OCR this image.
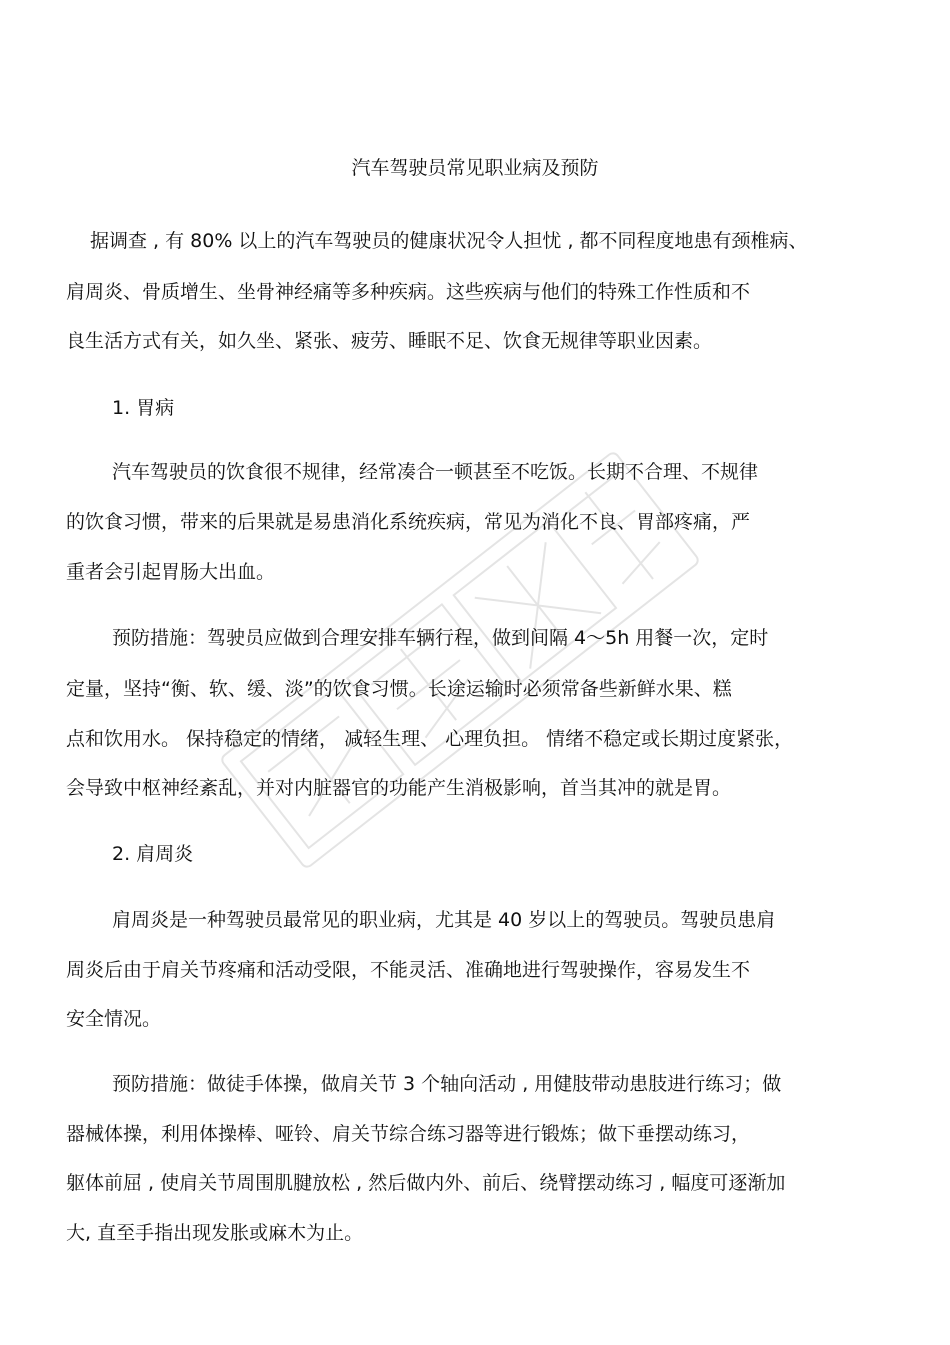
汽车驾驶员常见职业病及预防
据调查 , 有 80% 以上的汽车驾驶员的健康状况令人担忧 , 都不同程度地患有颈椎病、
肩周炎、骨质增生、坐骨神经痛等多种疾病。这些疾病与他们的特殊工作性质和不
良生活方式有关，如久坐、紧张、疲劳、睡眠不足、饮食无规律等职业因素。
1. 胃病
汽车驾驶员的饮食很不规律，经常凑合一顿甚至不吃饭。长期不合理、不规律
的饮食习惯，带来的后果就是易患消化系统疾病，常见为消化不良、胃部疼痛，严
重者会引起胃肠大出血。
预防措施：驾驶员应做到合理安排车辆行程，做到间隔 4～5h 用餐一次，定时
定量，坚持“衡、软、缓、淡”的饮食习惯。长途运输时必须常备些新鲜水果、糕
点和饮用水。 保持稳定的情绪， 减轻生理、 心理负担。 情绪不稳定或长期过度紧张，
会导致中枢神经紊乱，并对内脏器官的功能产生消极影响，首当其冲的就是胃。
2. 肩周炎
肩周炎是一种驾驶员最常见的职业病，尤其是 40 岁以上的驾驶员。驾驶员患肩
周炎后由于肩关节疼痛和活动受限，不能灵活、准确地进行驾驶操作，容易发生不
安全情况。
预防措施：做徒手体操，做肩关节 3 个轴向活动 , 用健肢带动患肢进行练习；做
器械体操，利用体操棒、哑铃、肩关节综合练习器等进行锻炼；做下垂摆动练习，
躯体前屈 , 使肩关节周围肌腱放松 , 然后做内外、前后、绕臂摆动练习 , 幅度可逐渐加
大, 直至手指出现发胀或麻木为止。
